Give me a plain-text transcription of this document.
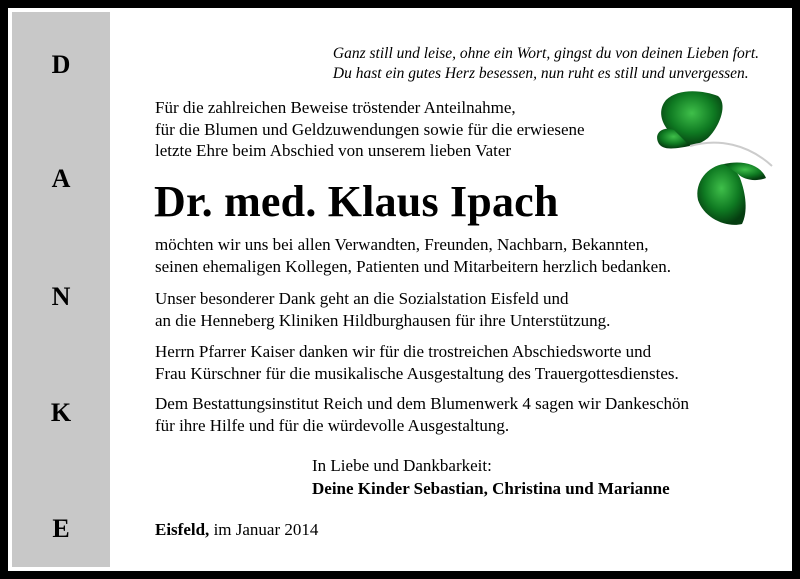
D
A
N
K
E
Ganz still und leise, ohne ein Wort, gingst du von deinen Lieben fort.
Du hast ein gutes Herz besessen, nun ruht es still und unvergessen.
Für die zahlreichen Beweise tröstender Anteilnahme,
für die Blumen und Geldzuwendungen sowie für die erwiesene
letzte Ehre beim Abschied von unserem lieben Vater
Dr. med. Klaus Ipach
möchten wir uns bei allen Verwandten, Freunden, Nachbarn, Bekannten,
seinen ehemaligen Kollegen, Patienten und Mitarbeitern herzlich bedanken.
Unser besonderer Dank geht an die Sozialstation Eisfeld und
an die Henneberg Kliniken Hildburghausen für ihre Unterstützung.
Herrn Pfarrer Kaiser danken wir für die trostreichen Abschiedsworte und
Frau Kürschner für die musikalische Ausgestaltung des Trauergottesdienstes.
Dem Bestattungsinstitut Reich und dem Blumenwerk 4 sagen wir Dankeschön
für ihre Hilfe und für die würdevolle Ausgestaltung.
In Liebe und Dankbarkeit:
Deine Kinder Sebastian, Christina und Marianne
Eisfeld, im Januar 2014
